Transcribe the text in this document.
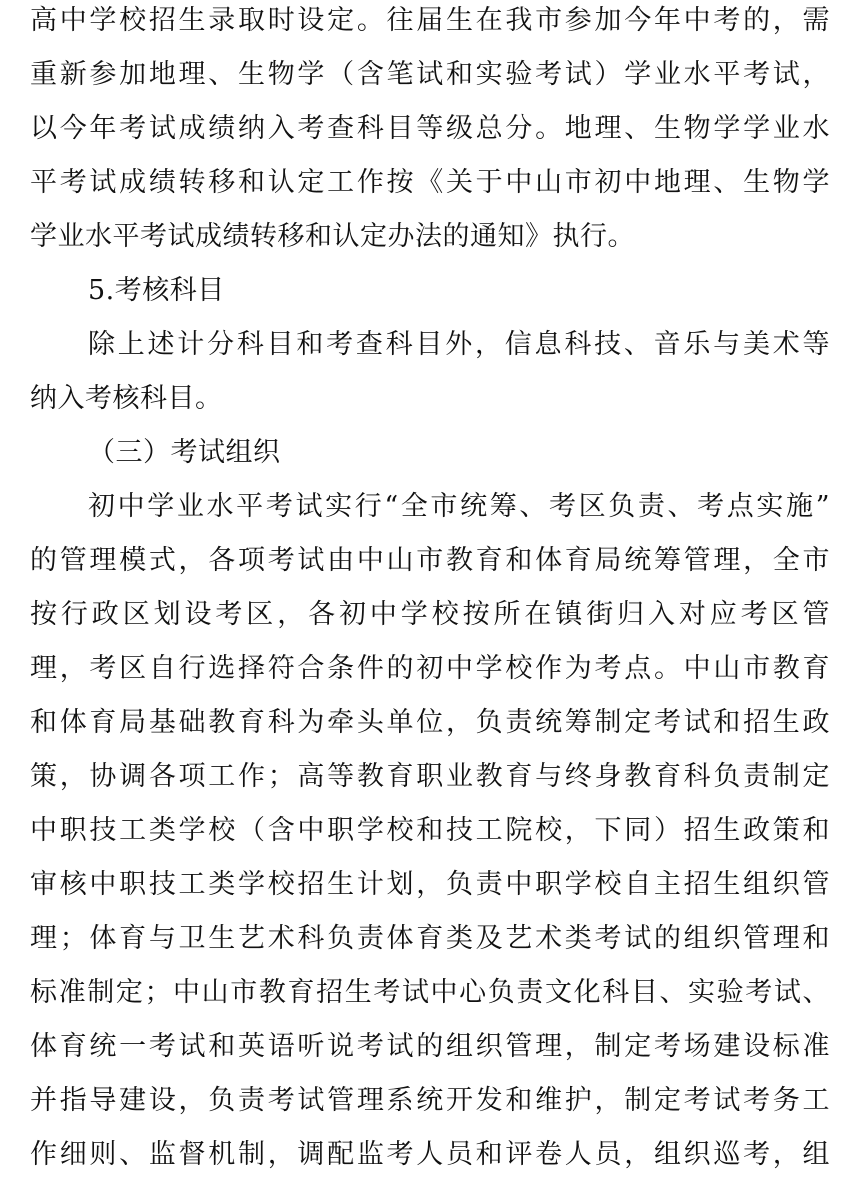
高中学校招生录取时设定。往届生在我市参加今年中考的，需
重新参加地理、生物学（含笔试和实验考试）学业水平考试，
以今年考试成绩纳入考查科目等级总分。地理、生物学学业水
平考试成绩转移和认定工作按《关于中山市初中地理、生物学
学业水平考试成绩转移和认定办法的通知》执行。
5.考核科目
除上述计分科目和考查科目外，信息科技、音乐与美术等
纳入考核科目。
（三）考试组织
初中学业水平考试实行“全市统筹、考区负责、考点实施”
的管理模式，各项考试由中山市教育和体育局统筹管理，全市
按行政区划设考区，各初中学校按所在镇街归入对应考区管
理，考区自行选择符合条件的初中学校作为考点。中山市教育
和体育局基础教育科为牵头单位，负责统筹制定考试和招生政
策，协调各项工作；高等教育职业教育与终身教育科负责制定
中职技工类学校（含中职学校和技工院校，下同）招生政策和
审核中职技工类学校招生计划，负责中职学校自主招生组织管
理；体育与卫生艺术科负责体育类及艺术类考试的组织管理和
标准制定；中山市教育招生考试中心负责文化科目、实验考试、
体育统一考试和英语听说考试的组织管理，制定考场建设标准
并指导建设，负责考试管理系统开发和维护，制定考试考务工
作细则、监督机制，调配监考人员和评卷人员，组织巡考，组
